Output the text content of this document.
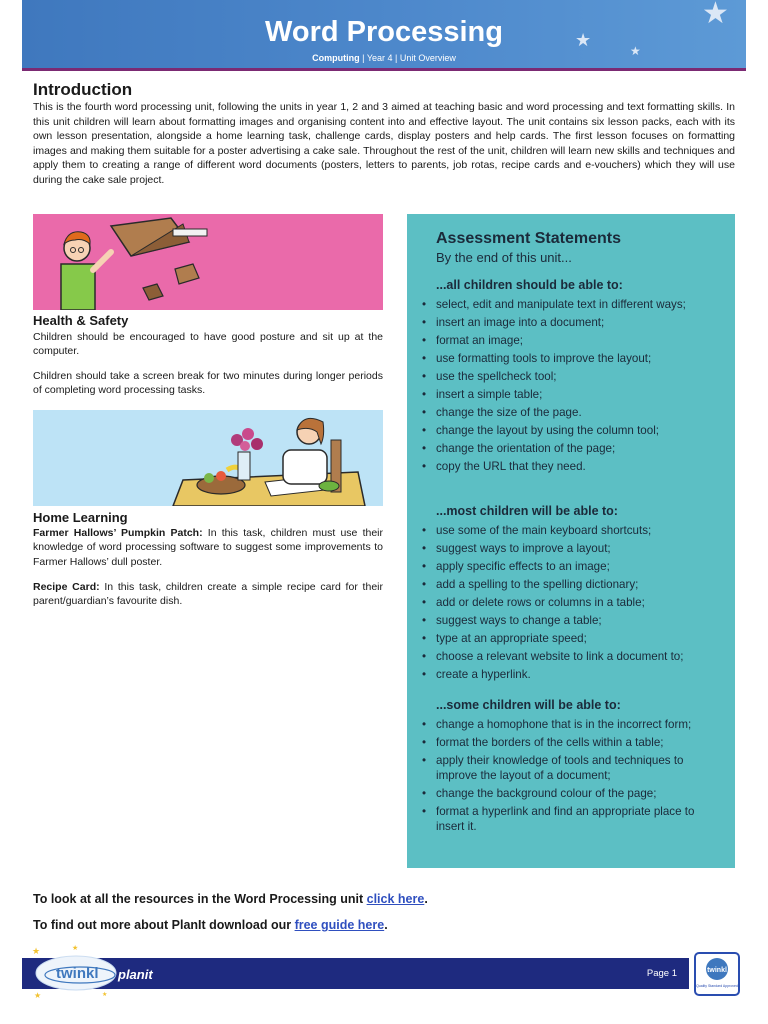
★
★
★
Word Processing
Computing | Year 4 | Unit Overview
Introduction

This is the fourth word processing unit, following the units in year 1, 2 and 3 aimed at teaching basic and word processing and text formatting skills. In this unit children will learn about formatting images and organising content into and effective layout. The unit contains six lesson packs, each with its own lesson presentation, alongside a home learning task, challenge cards, display posters and help cards. The first lesson focuses on formatting images and making them suitable for a poster advertising a cake sale. Throughout the rest of the unit, children will learn new skills and techniques and apply them to creating a range of different word documents (posters, letters to parents, job rotas, recipe cards and e-vouchers) which they will use during the cake sale project.

Health & Safety

Children should be encouraged to have good posture and sit up at the computer.

Children should take a screen break for two minutes during longer periods of completing word processing tasks.

Home Learning

Farmer Hallows’ Pumpkin Patch: In this task, children must use their knowledge of word processing software to suggest some improvements to Farmer Hallows’ dull poster.

Recipe Card: In this task, children create a simple recipe card for their parent/guardian’s favourite dish.

Assessment Statements
By the end of this unit...
...all children should be able to:
• select, edit and manipulate text in different ways;
• insert an image into a document;
• format an image;
• use formatting tools to improve the layout;
• use the spellcheck tool;
• insert a simple table;
• change the size of the page.
• change the layout by using the column tool;
• change the orientation of the page;
• copy the URL that they need.
...most children will be able to:
• use some of the main keyboard shortcuts;
• suggest ways to improve a layout;
• apply specific effects to an image;
• add a spelling to the spelling dictionary;
• add or delete rows or columns in a table;
• suggest ways to change a table;
• type at an appropriate speed;
• choose a relevant website to link a document to;
• create a hyperlink.
...some children will be able to:
• change a homophone that is in the incorrect form;
• format the borders of the cells within a table;
• apply their knowledge of tools and techniques to improve the layout of a document;
• change the background colour of the page;
• format a hyperlink and find an appropriate place to insert it.
To look at all the resources in the Word Processing unit click here.
To find out more about PlanIt download our free guide here.
Page 1
twinkl planit
★	★
★	★
twinkl
Quality Standard Approved
